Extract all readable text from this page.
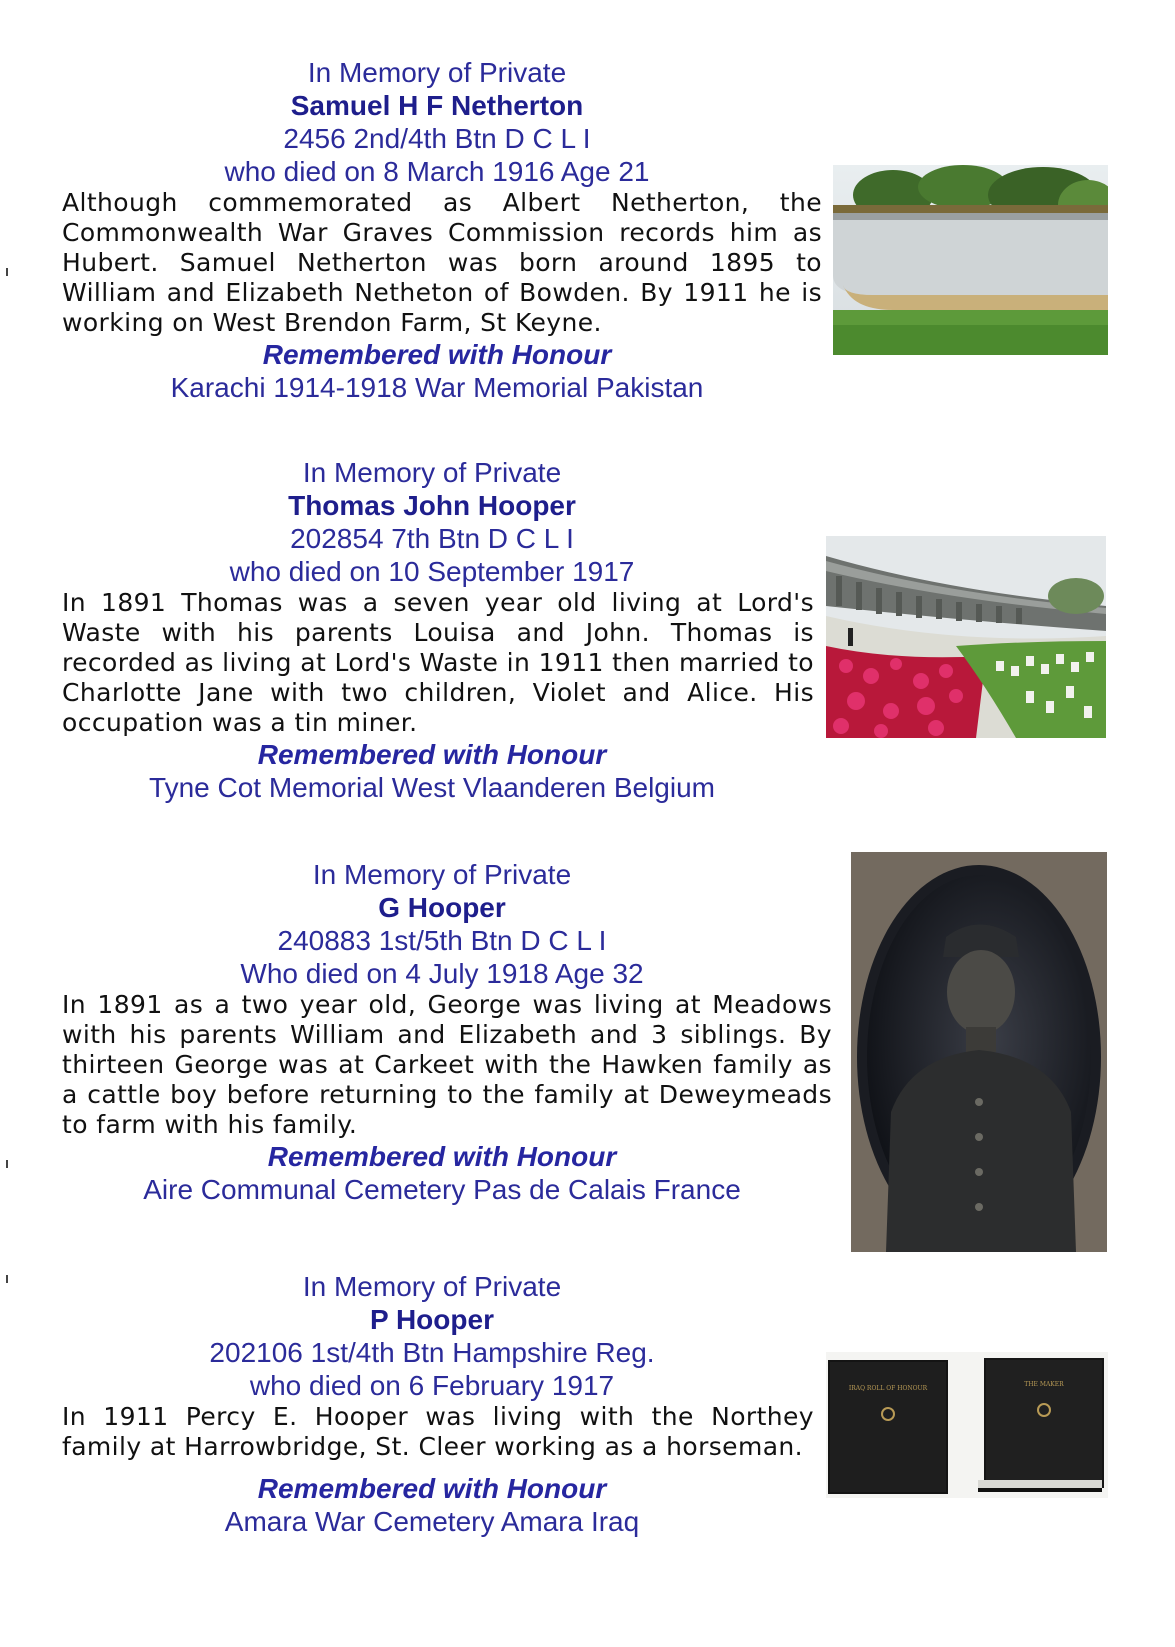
In Memory of Private
Samuel H F Netherton
2456 2nd/4th Btn D C L I
who died on 8 March 1916 Age 21
Although commemorated as Albert Netherton, the Commonwealth War Graves Commission records him as Hubert. Samuel Netherton was born around 1895 to William and Elizabeth Netheton of Bowden. By 1911 he is working on West Brendon Farm, St Keyne.
Remembered with Honour
Karachi 1914-1918 War Memorial Pakistan
In Memory of Private
Thomas John Hooper
202854 7th Btn D C L I
who died on 10 September 1917
In 1891 Thomas was a seven year old living at Lord's Waste with his parents Louisa and John. Thomas is recorded as living at Lord's Waste in 1911 then married to Charlotte Jane with two children, Violet and Alice. His occupation was a tin miner.
Remembered with Honour
Tyne Cot Memorial West Vlaanderen Belgium
In Memory of Private
G Hooper
240883 1st/5th Btn D C L I
Who died on 4 July 1918 Age 32
In 1891 as a two year old, George was living at Meadows with his parents William and Elizabeth and 3 siblings. By thirteen George was at Carkeet with the Hawken family as a cattle boy before returning to the family at Deweymeads to farm with his family.
Remembered with Honour
Aire Communal Cemetery Pas de Calais France
In Memory of Private
P Hooper
202106 1st/4th Btn Hampshire Reg.
who died on 6 February 1917
In 1911 Percy E. Hooper was living with the Northey family at Harrowbridge, St. Cleer working as a horseman.
Remembered with Honour
Amara War Cemetery Amara Iraq
IRAQ ROLL OF HONOUR
THE MAKER
